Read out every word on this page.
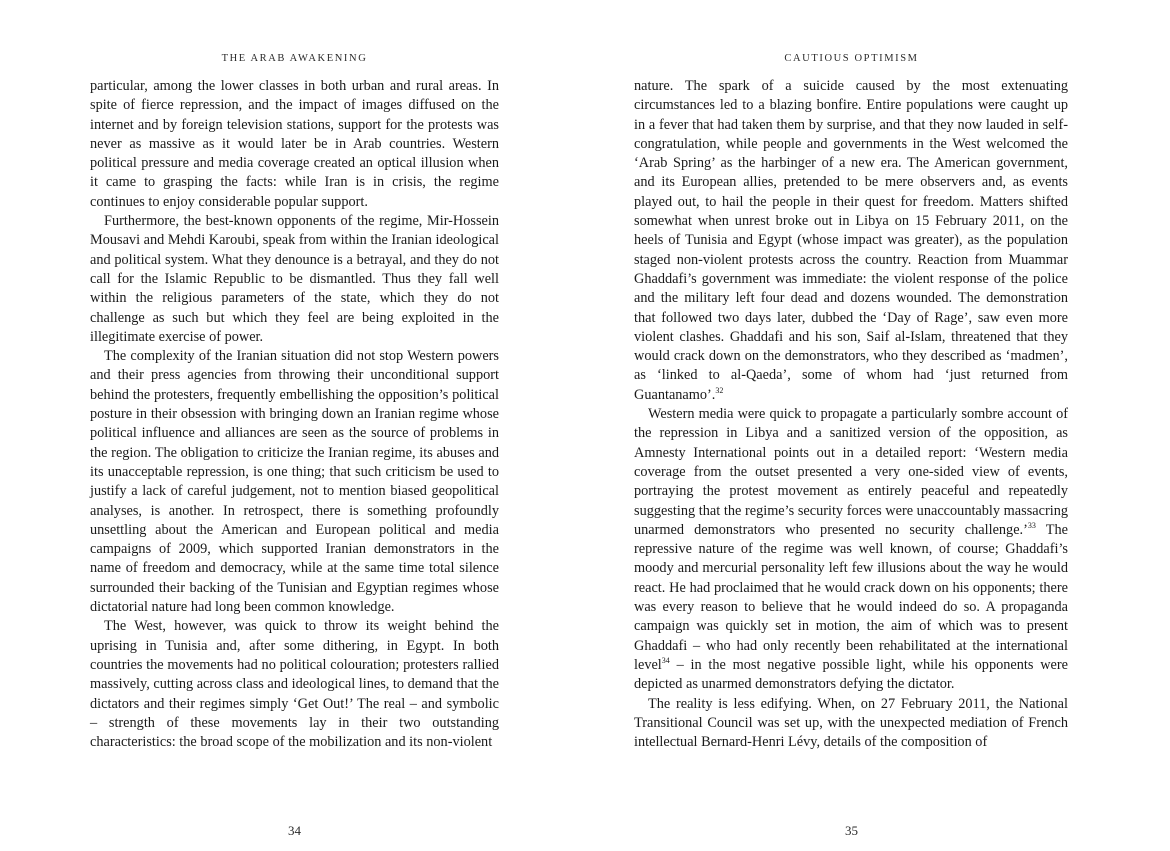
THE ARAB AWAKENING

particular, among the lower classes in both urban and rural areas. In spite of fierce repression, and the impact of images diffused on the internet and by foreign television stations, support for the protests was never as massive as it would later be in Arab countries. Western political pressure and media coverage created an optical illusion when it came to grasping the facts: while Iran is in crisis, the regime continues to enjoy considerable popular support.

Furthermore, the best-known opponents of the regime, Mir-Hossein Mousavi and Mehdi Karoubi, speak from within the Iranian ideological and political system. What they denounce is a betrayal, and they do not call for the Islamic Republic to be dismantled. Thus they fall well within the religious parameters of the state, which they do not challenge as such but which they feel are being exploited in the illegitimate exercise of power.

The complexity of the Iranian situation did not stop Western powers and their press agencies from throwing their unconditional support behind the protesters, frequently embellishing the opposition’s political posture in their obsession with bringing down an Iranian regime whose political influence and alliances are seen as the source of problems in the region. The obligation to criticize the Iranian regime, its abuses and its unacceptable repression, is one thing; that such criticism be used to justify a lack of careful judgement, not to mention biased geopolitical analyses, is another. In retrospect, there is something profoundly unsettling about the American and European political and media campaigns of 2009, which supported Iranian demonstrators in the name of freedom and democracy, while at the same time total silence surrounded their backing of the Tunisian and Egyptian regimes whose dictatorial nature had long been common knowledge.

The West, however, was quick to throw its weight behind the uprising in Tunisia and, after some dithering, in Egypt. In both countries the movements had no political colouration; protesters rallied massively, cutting across class and ideological lines, to demand that the dictators and their regimes simply ‘Get Out!’ The real – and symbolic – strength of these movements lay in their two outstanding characteristics: the broad scope of the mobilization and its non-violent

34
CAUTIOUS OPTIMISM

nature. The spark of a suicide caused by the most extenuating circumstances led to a blazing bonfire. Entire populations were caught up in a fever that had taken them by surprise, and that they now lauded in self-congratulation, while people and governments in the West welcomed the ‘Arab Spring’ as the harbinger of a new era. The American government, and its European allies, pretended to be mere observers and, as events played out, to hail the people in their quest for freedom. Matters shifted somewhat when unrest broke out in Libya on 15 February 2011, on the heels of Tunisia and Egypt (whose impact was greater), as the population staged non-violent protests across the country. Reaction from Muammar Ghaddafi’s government was immediate: the violent response of the police and the military left four dead and dozens wounded. The demonstration that followed two days later, dubbed the ‘Day of Rage’, saw even more violent clashes. Ghaddafi and his son, Saif al-Islam, threatened that they would crack down on the demonstrators, who they described as ‘madmen’, as ‘linked to al-Qaeda’, some of whom had ‘just returned from Guantanamo’.$^{32}$

Western media were quick to propagate a particularly sombre account of the repression in Libya and a sanitized version of the opposition, as Amnesty International points out in a detailed report: ‘Western media coverage from the outset presented a very one-sided view of events, portraying the protest movement as entirely peaceful and repeatedly suggesting that the regime’s security forces were unaccountably massacring unarmed demonstrators who presented no security challenge.’$^{33}$ The repressive nature of the regime was well known, of course; Ghaddafi’s moody and mercurial personality left few illusions about the way he would react. He had proclaimed that he would crack down on his opponents; there was every reason to believe that he would indeed do so. A propaganda campaign was quickly set in motion, the aim of which was to present Ghaddafi – who had only recently been rehabilitated at the international level$^{34}$ – in the most negative possible light, while his opponents were depicted as unarmed demonstrators defying the dictator.

The reality is less edifying. When, on 27 February 2011, the National Transitional Council was set up, with the unexpected mediation of French intellectual Bernard-Henri Lévy, details of the composition of

35
